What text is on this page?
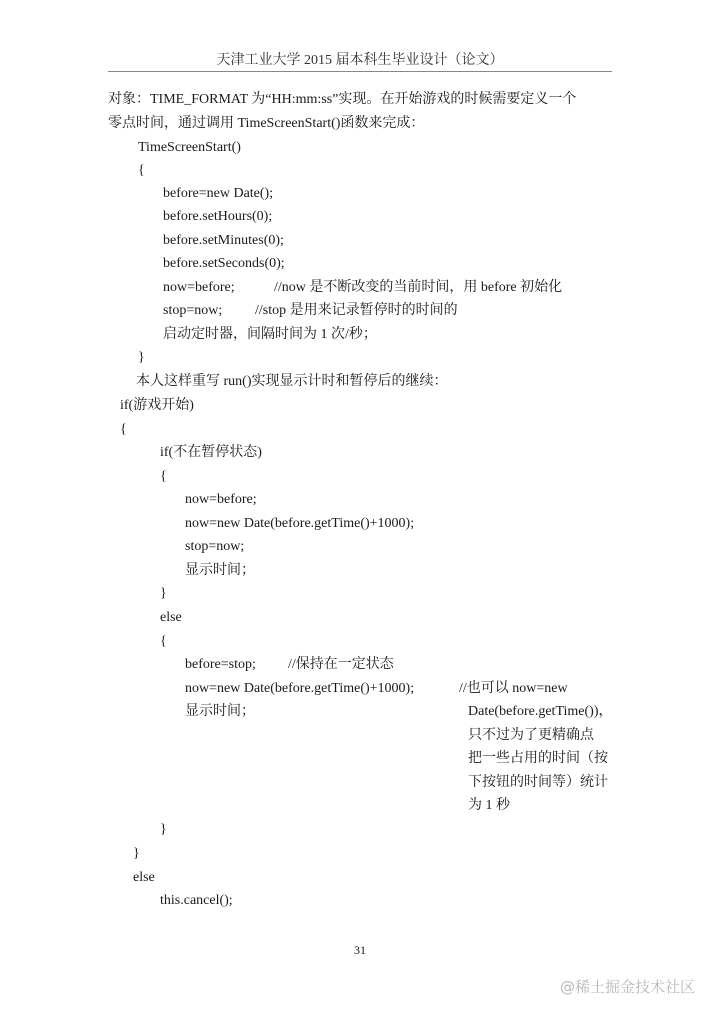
天津工业大学 2015 届本科生毕业设计（论文）
对象：TIME_FORMAT 为“HH:mm:ss”实现。在开始游戏的时候需要定义一个
零点时间，通过调用 TimeScreenStart()函数来完成：
TimeScreenStart()
{
before=new Date();
before.setHours(0);
before.setMinutes(0);
before.setSeconds(0);
now=before;	//now 是不断改变的当前时间，用 before 初始化
stop=now; //stop 是用来记录暂停时的时间的
启动定时器，间隔时间为 1 次/秒；
}
本人这样重写 run()实现显示计时和暂停后的继续：
if(游戏开始)
{
if(不在暂停状态)
{
now=before;
now=new Date(before.getTime()+1000);
stop=now;
显示时间；
}
else
{
before=stop; //保持在一定状态
now=new Date(before.getTime()+1000);	//也可以 now=new
显示时间；	Date(before.getTime())，
只不过为了更精确点
把一些占用的时间（按
下按钮的时间等）统计
为 1 秒
}
}
else
this.cancel();
31
@稀土掘金技术社区
